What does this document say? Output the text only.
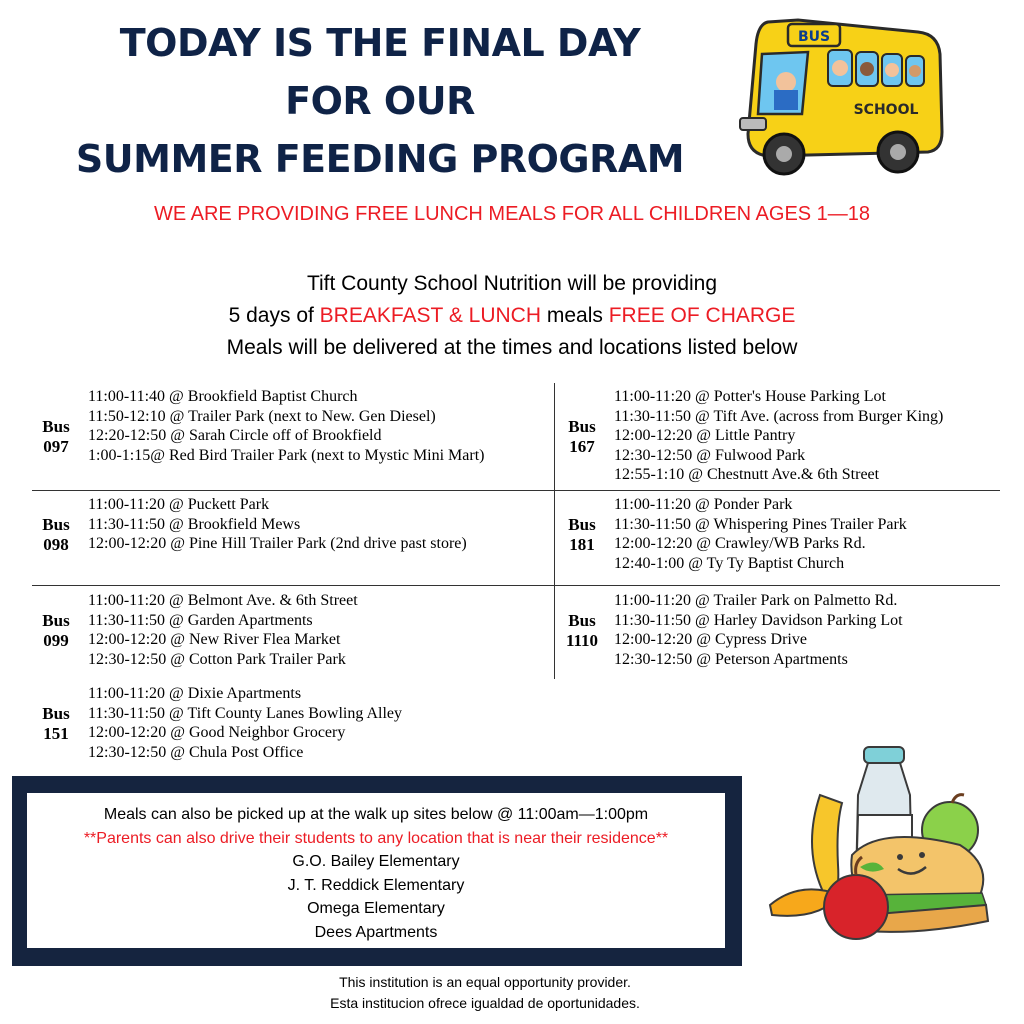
TODAY IS THE FINAL DAY
FOR OUR
SUMMER FEEDING PROGRAM
BUS
SCHOOL
WE ARE PROVIDING FREE LUNCH MEALS FOR ALL CHILDREN AGES 1—18
Tift County School Nutrition will be providing
5 days of BREAKFAST & LUNCH meals FREE OF CHARGE
Meals will be delivered at the times and locations listed below
Bus
097
11:00-11:40 @ Brookfield Baptist Church
11:50-12:10 @ Trailer Park (next to New. Gen Diesel)
12:20-12:50 @ Sarah Circle off of Brookfield
1:00-1:15@ Red Bird Trailer Park (next to Mystic Mini Mart)
Bus
167
11:00-11:20 @ Potter's House Parking Lot
11:30-11:50 @ Tift Ave. (across from Burger King)
12:00-12:20 @ Little Pantry
12:30-12:50 @ Fulwood Park
12:55-1:10 @ Chestnutt Ave.& 6th Street
Bus
098
11:00-11:20 @ Puckett Park
11:30-11:50 @ Brookfield Mews
12:00-12:20 @ Pine Hill Trailer Park (2nd drive past store)
Bus
181
11:00-11:20 @ Ponder Park
11:30-11:50 @ Whispering Pines Trailer Park
12:00-12:20 @ Crawley/WB Parks Rd.
12:40-1:00 @ Ty Ty Baptist Church
Bus
099
11:00-11:20 @ Belmont Ave. & 6th Street
11:30-11:50 @ Garden Apartments
12:00-12:20 @ New River Flea Market
12:30-12:50 @ Cotton Park Trailer Park
Bus
1110
11:00-11:20 @ Trailer Park on Palmetto Rd.
11:30-11:50 @ Harley Davidson Parking Lot
12:00-12:20 @ Cypress Drive
12:30-12:50 @ Peterson Apartments
Bus
151
11:00-11:20 @ Dixie Apartments
11:30-11:50 @ Tift County Lanes Bowling Alley
12:00-12:20 @ Good Neighbor Grocery
12:30-12:50 @ Chula Post Office
Meals can also be picked up at the walk up sites below @ 11:00am—1:00pm
**Parents can also drive their students to any location that is near their residence**
G.O. Bailey Elementary
J. T. Reddick Elementary
Omega Elementary
Dees Apartments
This institution is an equal opportunity provider.
Esta institucion ofrece igualdad de oportunidades.
